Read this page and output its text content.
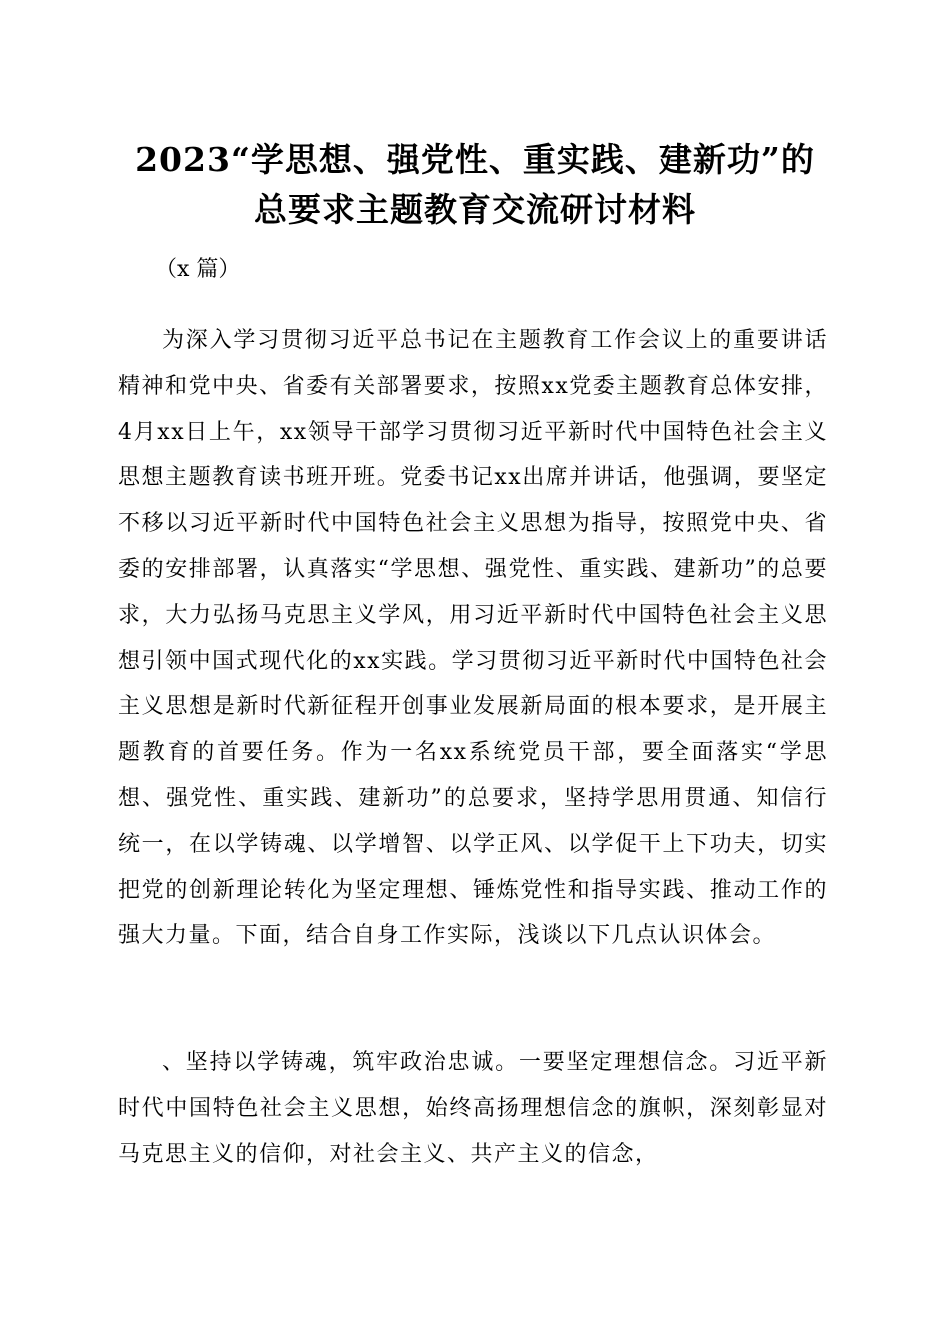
2023“学思想、强党性、重实践、建新功”的
总要求主题教育交流研讨材料
（x 篇）

为深入学习贯彻习近平总书记在主题教育工作会议上的重要讲话精神和党中央、省委有关部署要求，按照xx党委主题教育总体安排，4月xx日上午，xx领导干部学习贯彻习近平新时代中国特色社会主义思想主题教育读书班开班。党委书记xx出席并讲话，他强调，要坚定不移以习近平新时代中国特色社会主义思想为指导，按照党中央、省委的安排部署，认真落实“学思想、强党性、重实践、建新功”的总要求，大力弘扬马克思主义学风，用习近平新时代中国特色社会主义思想引领中国式现代化的xx实践。学习贯彻习近平新时代中国特色社会主义思想是新时代新征程开创事业发展新局面的根本要求，是开展主题教育的首要任务。作为一名xx系统党员干部，要全面落实“学思想、强党性、重实践、建新功”的总要求，坚持学思用贯通、知信行统一，在以学铸魂、以学增智、以学正风、以学促干上下功夫，切实把党的创新理论转化为坚定理想、锤炼党性和指导实践、推动工作的强大力量。下面，结合自身工作实际，浅谈以下几点认识体会。

、坚持以学铸魂，筑牢政治忠诚。一要坚定理想信念。习近平新时代中国特色社会主义思想，始终高扬理想信念的旗帜，深刻彰显对马克思主义的信仰，对社会主义、共产主义的信念，
